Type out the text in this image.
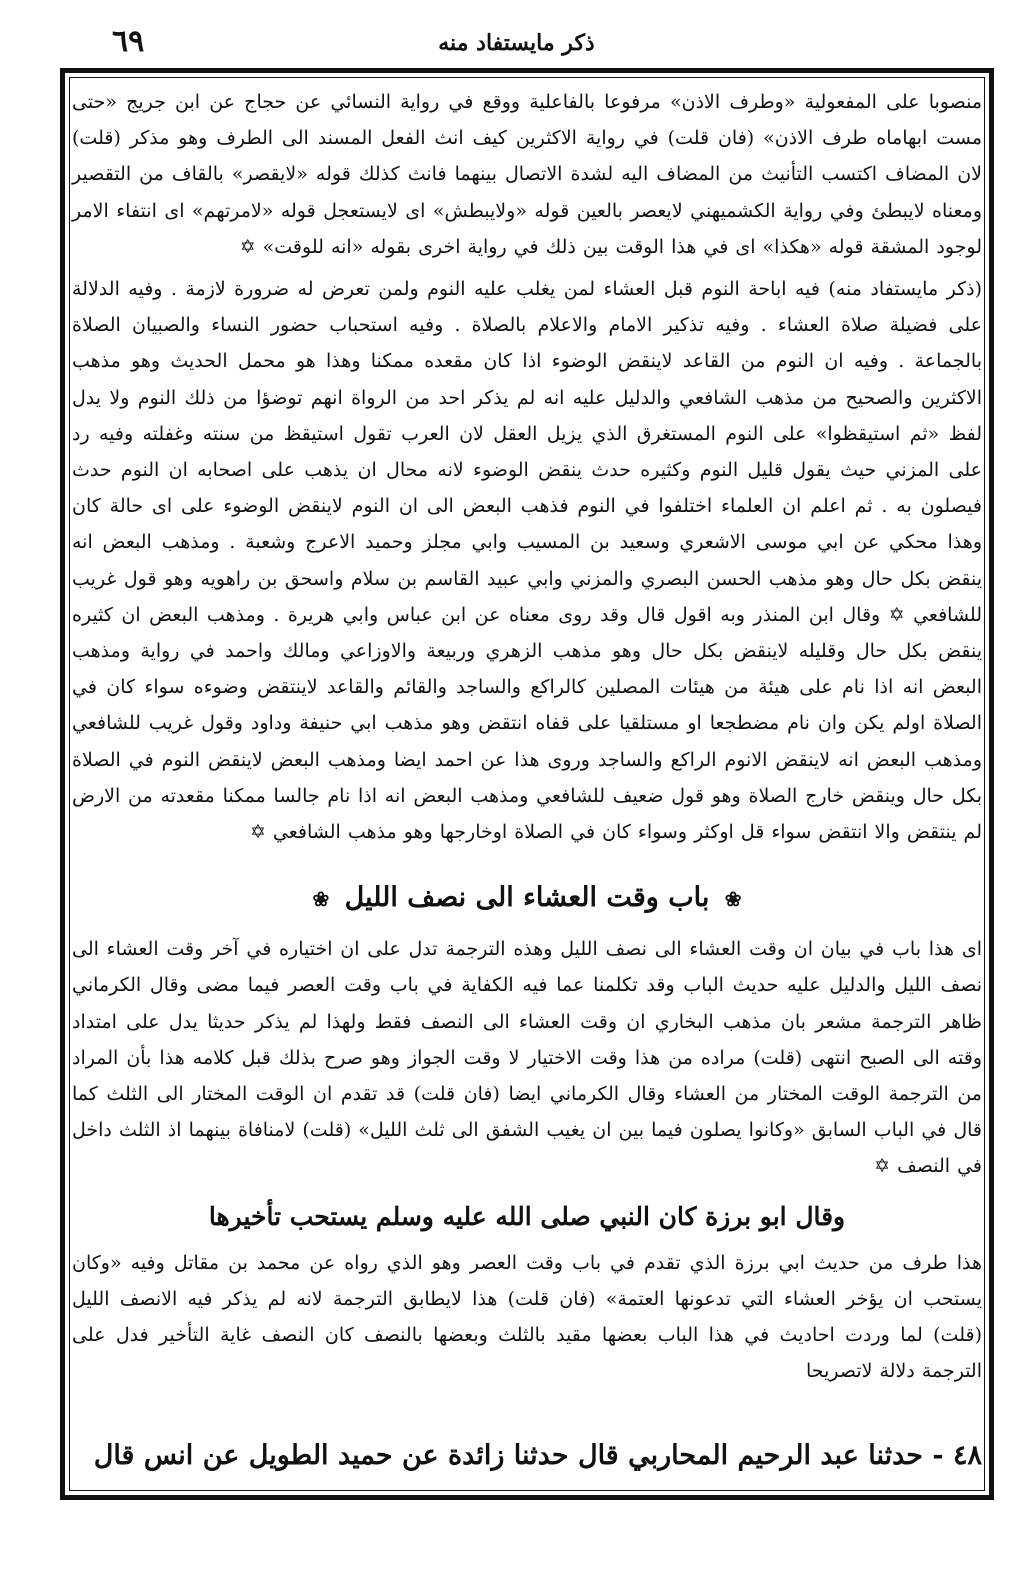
٦٩	ذكر مايستفاد منه

منصوبا على المفعولية «وطرف الاذن» مرفوعا بالفاعلية ووقع في رواية النسائي عن حجاج عن ابن جريج «حتى مست ابهاماه طرف الاذن» (فان قلت) في رواية الاكثرين كيف انث الفعل المسند الى الطرف وهو مذكر (قلت) لان المضاف اكتسب التأنيث من المضاف اليه لشدة الاتصال بينهما فانث كذلك قوله «لايقصر» بالقاف من التقصير ومعناه لايبطئ وفي رواية الكشميهني لايعصر بالعين قوله «ولايبطش» اى لايستعجل قوله «لامرتهم» اى انتفاء الامر لوجود المشقة قوله «هكذا» اى في هذا الوقت بين ذلك في رواية اخرى بقوله «انه للوقت» ✡

(ذكر مايستفاد منه) فيه اباحة النوم قبل العشاء لمن يغلب عليه النوم ولمن تعرض له ضرورة لازمة . وفيه الدلالة على فضيلة صلاة العشاء . وفيه تذكير الامام والاعلام بالصلاة . وفيه استحباب حضور النساء والصبيان الصلاة بالجماعة . وفيه ان النوم من القاعد لاينقض الوضوء اذا كان مقعده ممكنا وهذا هو محمل الحديث وهو مذهب الاكثرين والصحيح من مذهب الشافعي والدليل عليه انه لم يذكر احد من الرواة انهم توضؤا من ذلك النوم ولا يدل لفظ «ثم استيقظوا» على النوم المستغرق الذي يزيل العقل لان العرب تقول استيقظ من سنته وغفلته وفيه رد على المزني حيث يقول قليل النوم وكثيره حدث ينقض الوضوء لانه محال ان يذهب على اصحابه ان النوم حدث فيصلون به . ثم اعلم ان العلماء اختلفوا في النوم فذهب البعض الى ان النوم لاينقض الوضوء على اى حالة كان وهذا محكي عن ابي موسى الاشعري وسعيد بن المسيب وابي مجلز وحميد الاعرج وشعبة . ومذهب البعض انه ينقض بكل حال وهو مذهب الحسن البصري والمزني وابي عبيد القاسم بن سلام واسحق بن راهويه وهو قول غريب للشافعي ✡ وقال ابن المنذر وبه اقول قال وقد روى معناه عن ابن عباس وابي هريرة . ومذهب البعض ان كثيره ينقض بكل حال وقليله لاينقض بكل حال وهو مذهب الزهري وربيعة والاوزاعي ومالك واحمد في رواية ومذهب البعض انه اذا نام على هيئة من هيئات المصلين كالراكع والساجد والقائم والقاعد لاينتقض وضوءه سواء كان في الصلاة اولم يكن وان نام مضطجعا او مستلقيا على قفاه انتقض وهو مذهب ابي حنيفة وداود وقول غريب للشافعي ومذهب البعض انه لاينقض الانوم الراكع والساجد وروى هذا عن احمد ايضا ومذهب البعض لاينقض النوم في الصلاة بكل حال وينقض خارج الصلاة وهو قول ضعيف للشافعي ومذهب البعض انه اذا نام جالسا ممكنا مقعدته من الارض لم ينتقض والا انتقض سواء قل اوكثر وسواء كان في الصلاة اوخارجها وهو مذهب الشافعي ✡

❀ باب وقت العشاء الى نصف الليل ❀

اى هذا باب في بيان ان وقت العشاء الى نصف الليل وهذه الترجمة تدل على ان اختياره في آخر وقت العشاء الى نصف الليل والدليل عليه حديث الباب وقد تكلمنا عما فيه الكفاية في باب وقت العصر فيما مضى وقال الكرماني ظاهر الترجمة مشعر بان مذهب البخاري ان وقت العشاء الى النصف فقط ولهذا لم يذكر حديثا يدل على امتداد وقته الى الصبح انتهى (قلت) مراده من هذا وقت الاختيار لا وقت الجواز وهو صرح بذلك قبل كلامه هذا بأن المراد من الترجمة الوقت المختار من العشاء وقال الكرماني ايضا (فان قلت) قد تقدم ان الوقت المختار الى الثلث كما قال في الباب السابق «وكانوا يصلون فيما بين ان يغيب الشفق الى ثلث الليل» (قلت) لامنافاة بينهما اذ الثلث داخل في النصف ✡

وقال ابو برزة كان النبي صلى الله عليه وسلم يستحب تأخيرها

هذا طرف من حديث ابي برزة الذي تقدم في باب وقت العصر وهو الذي رواه عن محمد بن مقاتل وفيه «وكان يستحب ان يؤخر العشاء التي تدعونها العتمة» (فان قلت) هذا لايطابق الترجمة لانه لم يذكر فيه الانصف الليل (قلت) لما وردت احاديث في هذا الباب بعضها مقيد بالثلث وبعضها بالنصف كان النصف غاية التأخير فدل على الترجمة دلالة لاتصريحا

٤٨ - حدثنا عبد الرحيم المحاربي قال حدثنا زائدة عن حميد الطويل عن انس قال
